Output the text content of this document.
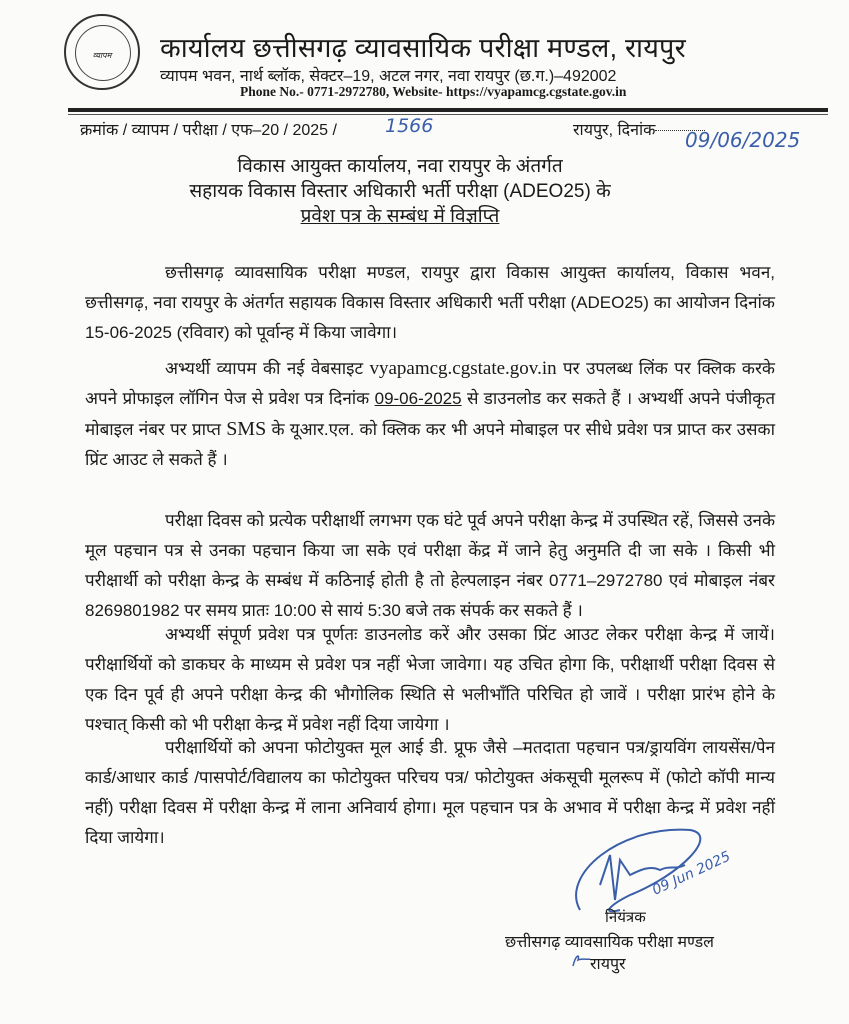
व्यापम	कार्यालय छत्तीसगढ़ व्यावसायिक परीक्षा मण्डल, रायपुर
व्यापम भवन, नार्थ ब्लॉक, सेक्टर–19, अटल नगर, नवा रायपुर (छ.ग.)–492002
Phone No.- 0771-2972780, Website- https://vyapamcg.cgstate.gov.in
क्रमांक / व्यापम / परीक्षा / एफ–20 / 2025 /	1566	रायपुर, दिनांक 09/06/2025
विकास आयुक्त कार्यालय, नवा रायपुर के अंतर्गत
सहायक विकास विस्तार अधिकारी भर्ती परीक्षा (ADEO25) के
प्रवेश पत्र के सम्बंध में विज्ञप्ति
छत्तीसगढ़ व्यावसायिक परीक्षा मण्डल, रायपुर द्वारा विकास आयुक्त कार्यालय, विकास भवन, छत्तीसगढ़, नवा रायपुर के अंतर्गत सहायक विकास विस्तार अधिकारी भर्ती परीक्षा (ADEO25) का आयोजन दिनांक 15-06-2025 (रविवार) को पूर्वान्ह में किया जावेगा।
अभ्यर्थी व्यापम की नई वेबसाइट vyapamcg.cgstate.gov.in पर उपलब्ध लिंक पर क्लिक करके अपने प्रोफाइल लॉगिन पेज से प्रवेश पत्र दिनांक 09-06-2025 से डाउनलोड कर सकते हैं । अभ्यर्थी अपने पंजीकृत मोबाइल नंबर पर प्राप्त SMS के यूआर.एल. को क्लिक कर भी अपने मोबाइल पर सीधे प्रवेश पत्र प्राप्त कर उसका प्रिंट आउट ले सकते हैं ।
परीक्षा दिवस को प्रत्येक परीक्षार्थी लगभग एक घंटे पूर्व अपने परीक्षा केन्द्र में उपस्थित रहें, जिससे उनके मूल पहचान पत्र से उनका पहचान किया जा सके एवं परीक्षा केंद्र में जाने हेतु अनुमति दी जा सके । किसी भी परीक्षार्थी को परीक्षा केन्द्र के सम्बंध में कठिनाई होती है तो हेल्पलाइन नंबर 0771–2972780 एवं मोबाइल नंबर 8269801982 पर समय प्रातः 10:00 से सायं 5:30 बजे तक संपर्क कर सकते हैं ।
अभ्यर्थी संपूर्ण प्रवेश पत्र पूर्णतः डाउनलोड करें और उसका प्रिंट आउट लेकर परीक्षा केन्द्र में जायें। परीक्षार्थियों को डाकघर के माध्यम से प्रवेश पत्र नहीं भेजा जावेगा। यह उचित होगा कि, परीक्षार्थी परीक्षा दिवस से एक दिन पूर्व ही अपने परीक्षा केन्द्र की भौगोलिक स्थिति से भलीभॉंति परिचित हो जावें । परीक्षा प्रारंभ होने के पश्चात् किसी को भी परीक्षा केन्द्र में प्रवेश नहीं दिया जायेगा ।
परीक्षार्थियों को अपना फोटोयुक्त मूल आई डी. प्रूफ जैसे –मतदाता पहचान पत्र/ड्रायविंग लायसेंस/पेन कार्ड/आधार कार्ड /पासपोर्ट/विद्यालय का फोटोयुक्त परिचय पत्र/ फोटोयुक्त अंकसूची मूलरूप में (फोटो कॉपी मान्य नहीं) परीक्षा दिवस में परीक्षा केन्द्र में लाना अनिवार्य होगा। मूल पहचान पत्र के अभाव में परीक्षा केन्द्र में प्रवेश नहीं दिया जायेगा।
09 Jun 2025
नियंत्रक
छत्तीसगढ़ व्यावसायिक परीक्षा मण्डल
रायपुर
